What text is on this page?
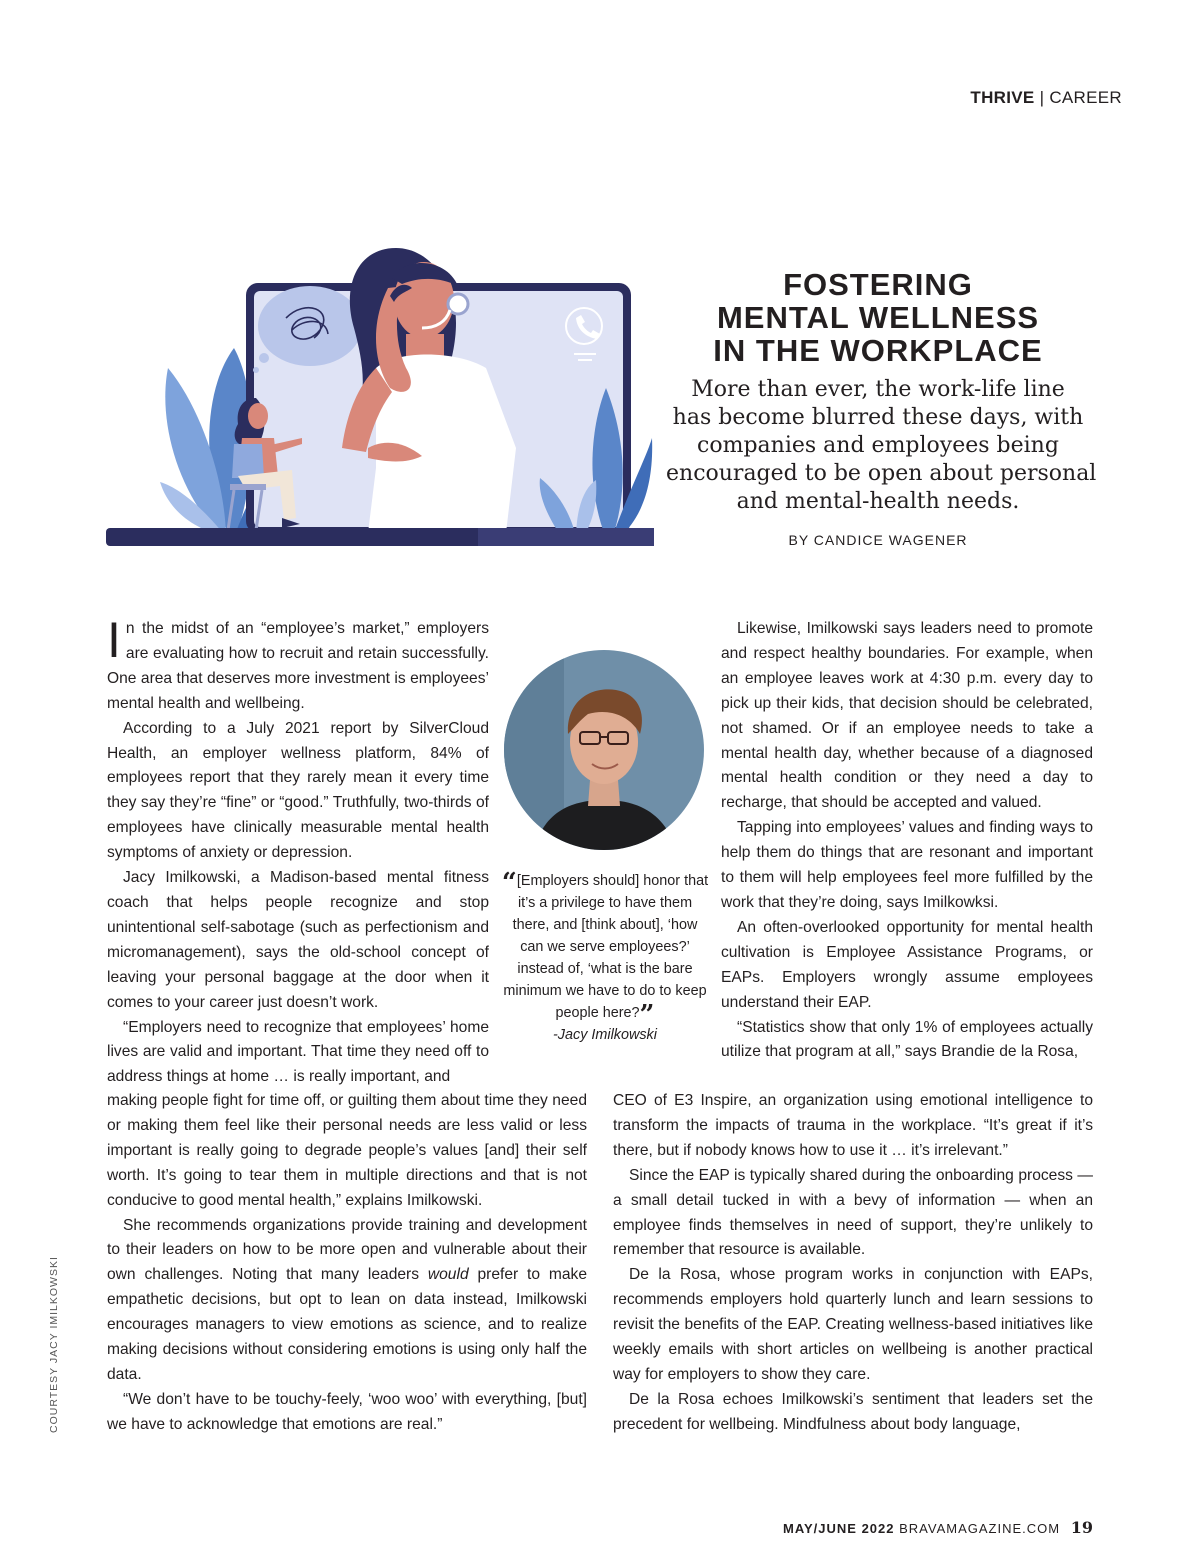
THRIVE | CAREER
FOSTERING
MENTAL WELLNESS
IN THE WORKPLACE
More than ever, the work-life line
has become blurred these days, with
companies and employees being
encouraged to be open about personal
and mental-health needs.
BY CANDICE WAGENER

In the midst of an “employee’s market,” employers are evaluating how to recruit and retain successfully. One area that deserves more investment is employees’ mental health and wellbeing.

According to a July 2021 report by SilverCloud Health, an employer wellness platform, 84% of employees report that they rarely mean it every time they say they’re “fine” or “good.” Truthfully, two-thirds of employees have clinically measurable mental health symptoms of anxiety or depression.

Jacy Imilkowski, a Madison-based mental fitness coach that helps people recognize and stop unintentional self-sabotage (such as perfectionism and micromanagement), says the old-school concept of leaving your personal baggage at the door when it comes to your career just doesn’t work.

“Employers need to recognize that employees’ home lives are valid and important. That time they need off to address things at home … is really important, and

making people fight for time off, or guilting them about time they need or making them feel like their personal needs are less valid or less important is really going to degrade people’s values [and] their self worth. It’s going to tear them in multiple directions and that is not conducive to good mental health,” explains Imilkowski.

She recommends organizations provide training and development to their leaders on how to be more open and vulnerable about their own challenges. Noting that many leaders would prefer to make empathetic decisions, but opt to lean on data instead, Imilkowski encourages managers to view emotions as science, and to realize making decisions without considering emotions is using only half the data.

“We don’t have to be touchy-feely, ‘woo woo’ with everything, [but] we have to acknowledge that emotions are real.”

“[Employers should] honor that it’s a privilege to have them there, and [think about], ‘how can we serve employees?’ instead of, ‘what is the bare minimum we have to do to keep people here?”
-Jacy Imilkowski

Likewise, Imilkowski says leaders need to promote and respect healthy boundaries. For example, when an employee leaves work at 4:30 p.m. every day to pick up their kids, that decision should be celebrated, not shamed. Or if an employee needs to take a mental health day, whether because of a diagnosed mental health condition or they need a day to recharge, that should be accepted and valued.

Tapping into employees’ values and finding ways to help them do things that are resonant and important to them will help employees feel more fulfilled by the work that they’re doing, says Imilkowksi.

An often-overlooked opportunity for mental health cultivation is Employee Assistance Programs, or EAPs. Employers wrongly assume employees understand their EAP.

“Statistics show that only 1% of employees actually utilize that program at all,” says Brandie de la Rosa,

CEO of E3 Inspire, an organization using emotional intelligence to transform the impacts of trauma in the workplace. “It’s great if it’s there, but if nobody knows how to use it … it’s irrelevant.”

Since the EAP is typically shared during the onboarding process — a small detail tucked in with a bevy of information — when an employee finds themselves in need of support, they’re unlikely to remember that resource is available.

De la Rosa, whose program works in conjunction with EAPs, recommends employers hold quarterly lunch and learn sessions to revisit the benefits of the EAP. Creating wellness-based initiatives like weekly emails with short articles on wellbeing is another practical way for employers to show they care.

De la Rosa echoes Imilkowski’s sentiment that leaders set the precedent for wellbeing. Mindfulness about body language,

COURTESY JACY IMILKOWSKI
MAY/JUNE 2022 BRAVAMAGAZINE.COM 19
